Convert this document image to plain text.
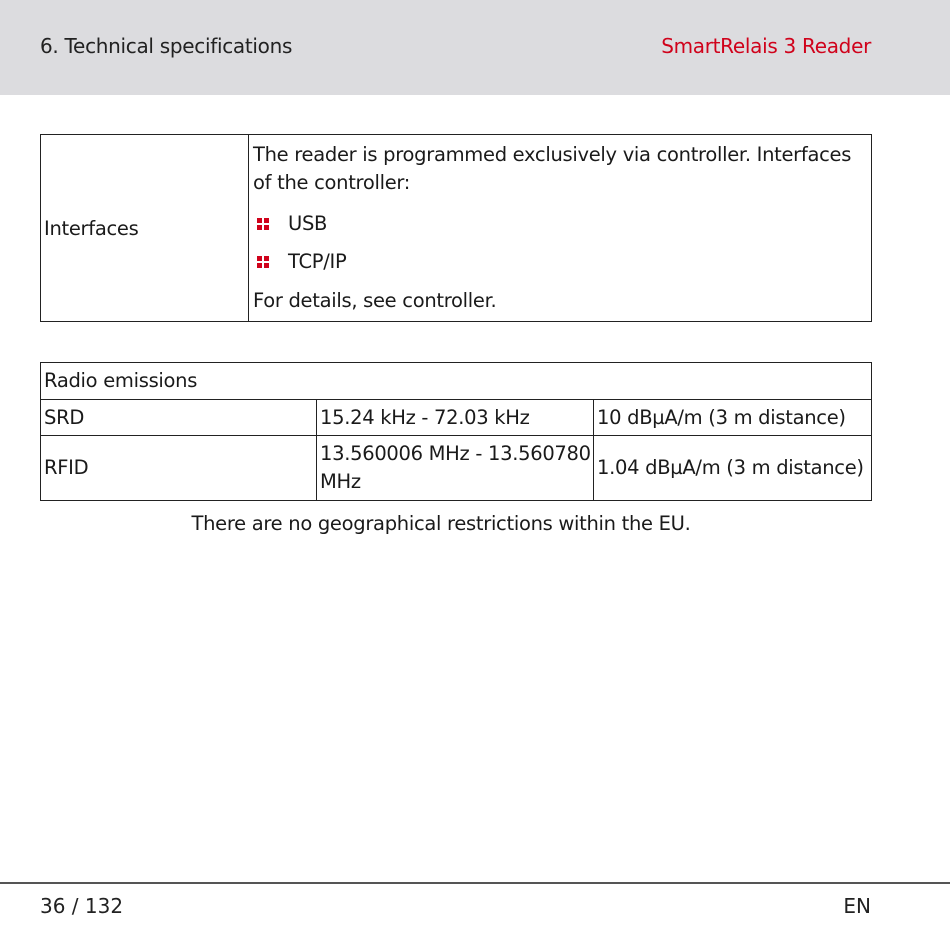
6. Technical specifications	SmartRelais 3 Reader
Interfaces	

The reader is programmed exclusively via controller. Interfaces of the controller:

USB
TCP/IP

For details, see controller.

Radio emissions		
SRD	15.24 kHz - 72.03 kHz	10 dBµA/m (3 m distance)
RFID	13.560006 MHz - 13.560780 MHz	1.04 dBµA/m (3 m distance)
There are no geographical restrictions within the EU.
36 / 132	EN
